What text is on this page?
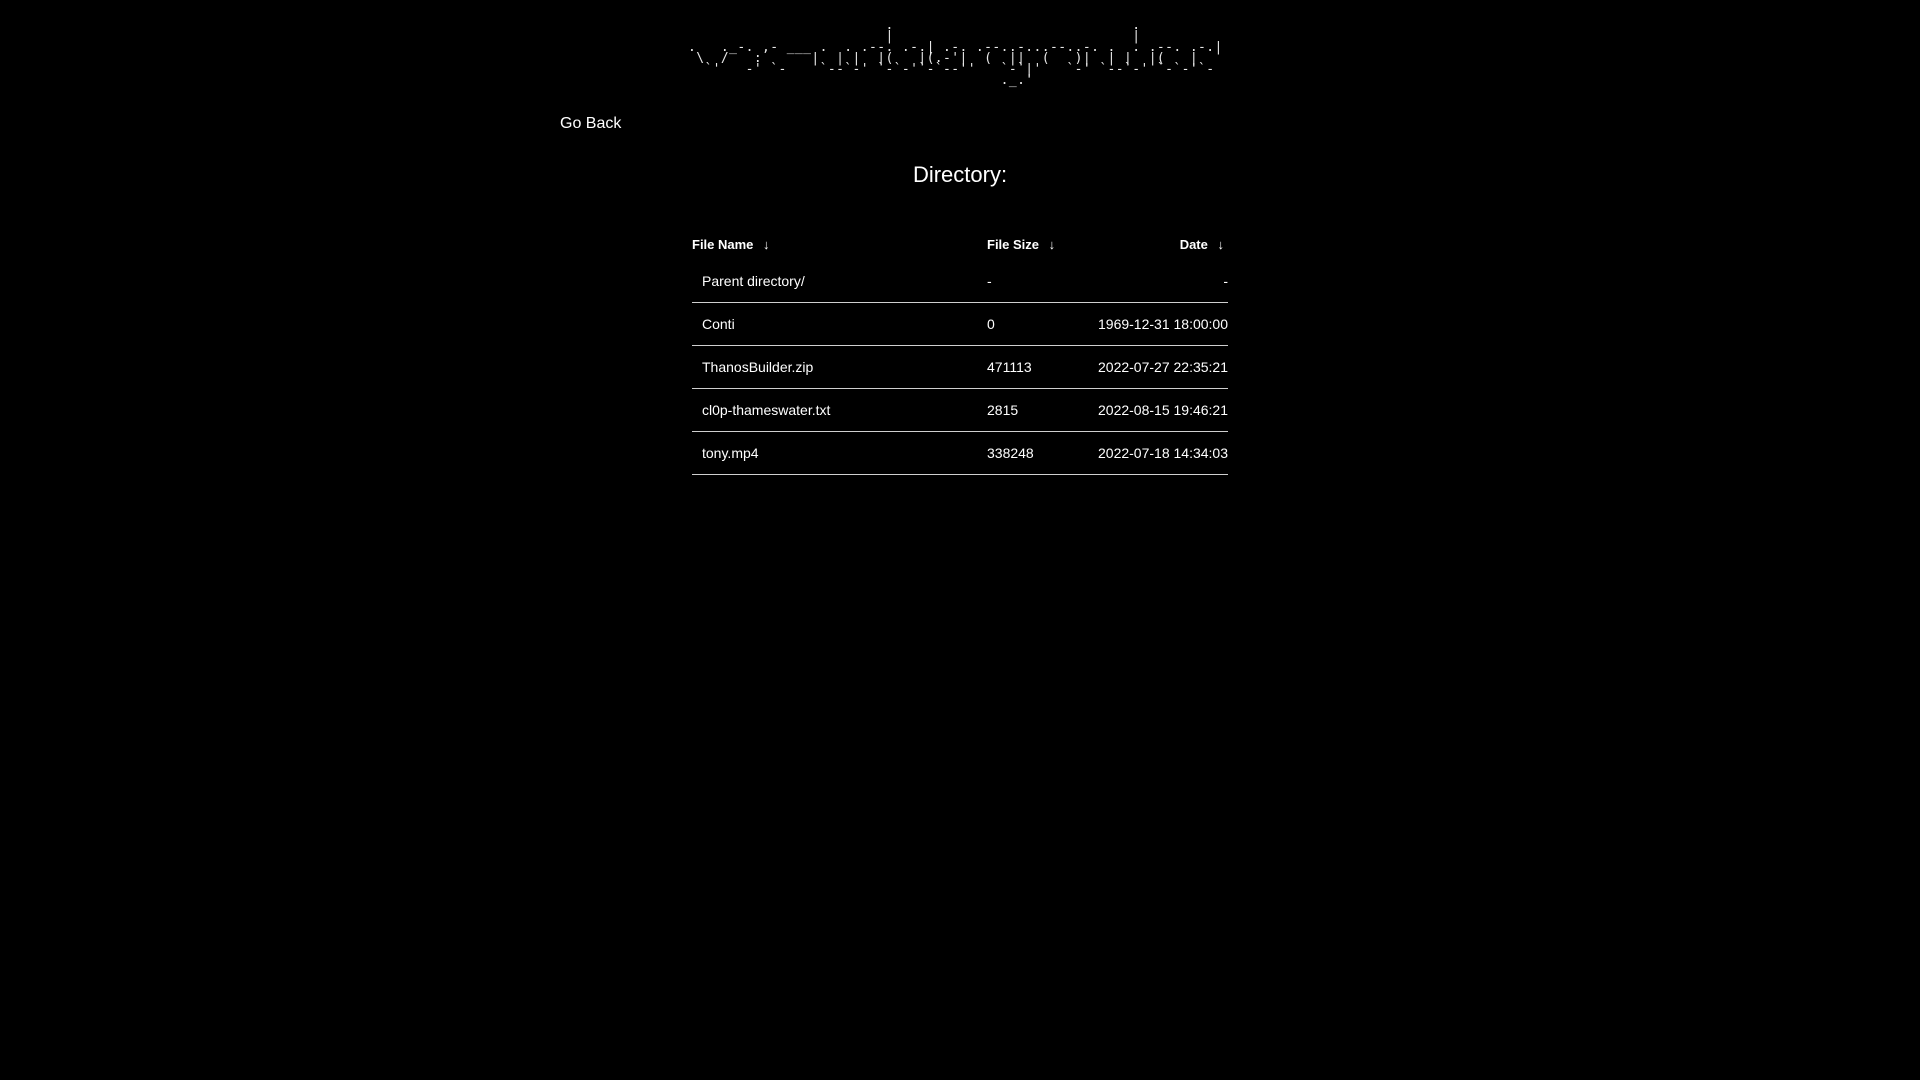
.                             .
|                             |
.   ._-. ,- ___ .  . .--. .-.| .-. .--..-...--..-. .  . .--. .-.|
\  /   :      |  | |  |(   |(.-'|  (  ||  (   )|  | |  |(   |
`'   -' `-    `--`-' `-`-'`-`--''   `-`|'   `-' `--`-' `-`-'`-
._.'
Go Back
Directory:
File Name ↓	File Size ↓	Date ↓
Parent directory/	-	-
Conti	0	1969-12-31 18:00:00
ThanosBuilder.zip	471113	2022-07-27 22:35:21
cl0p-thameswater.txt	2815	2022-08-15 19:46:21
tony.mp4	338248	2022-07-18 14:34:03
